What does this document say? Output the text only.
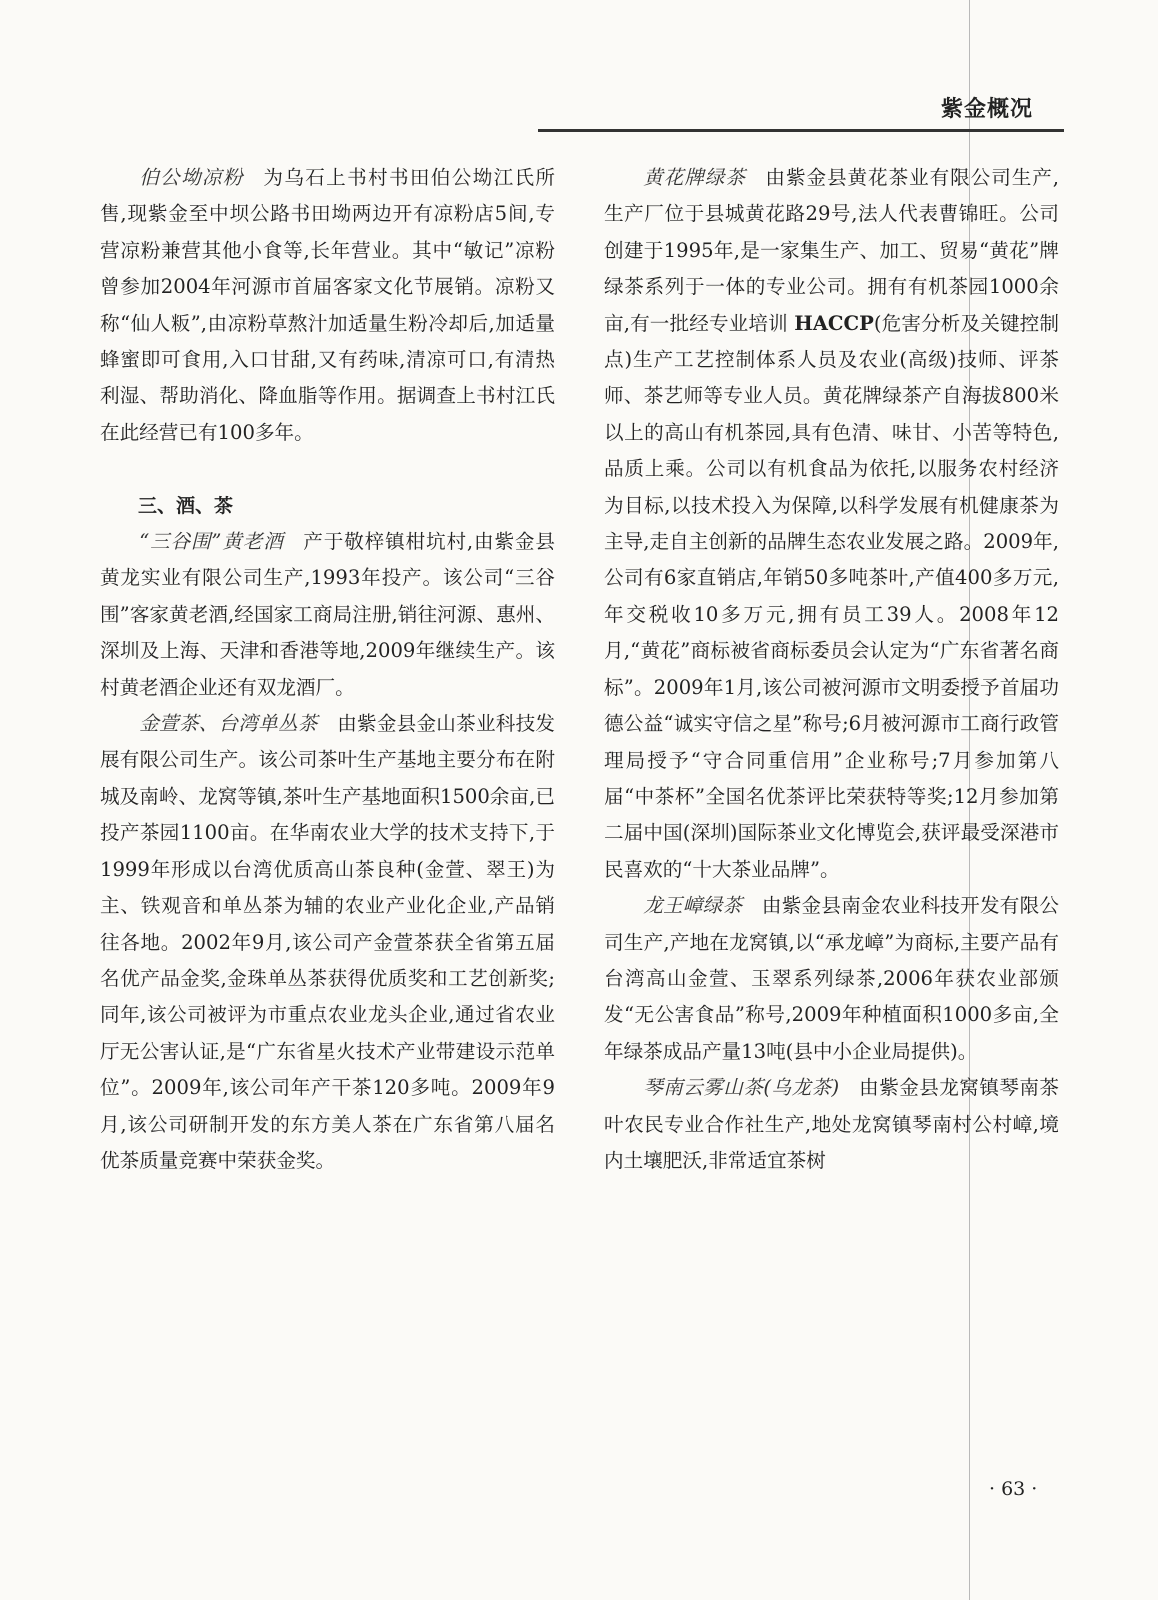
紫金概况

伯公坳凉粉 为乌石上书村书田伯公坳江氏所售,现紫金至中坝公路书田坳两边开有凉粉店5间,专营凉粉兼营其他小食等,长年营业。其中“敏记”凉粉曾参加2004年河源市首届客家文化节展销。凉粉又称“仙人粄”,由凉粉草熬汁加适量生粉冷却后,加适量蜂蜜即可食用,入口甘甜,又有药味,清凉可口,有清热利湿、帮助消化、降血脂等作用。据调查上书村江氏在此经营已有100多年。

三、酒、茶

“三谷围”黄老酒 产于敬梓镇柑坑村,由紫金县黄龙实业有限公司生产,1993年投产。该公司“三谷围”客家黄老酒,经国家工商局注册,销往河源、惠州、深圳及上海、天津和香港等地,2009年继续生产。该村黄老酒企业还有双龙酒厂。

金萱茶、台湾单丛茶 由紫金县金山茶业科技发展有限公司生产。该公司茶叶生产基地主要分布在附城及南岭、龙窝等镇,茶叶生产基地面积1500余亩,已投产茶园1100亩。在华南农业大学的技术支持下,于1999年形成以台湾优质高山茶良种(金萱、翠王)为主、铁观音和单丛茶为辅的农业产业化企业,产品销往各地。2002年9月,该公司产金萱茶获全省第五届名优产品金奖,金珠单丛茶获得优质奖和工艺创新奖;同年,该公司被评为市重点农业龙头企业,通过省农业厅无公害认证,是“广东省星火技术产业带建设示范单位”。2009年,该公司年产干茶120多吨。2009年9月,该公司研制开发的东方美人茶在广东省第八届名优茶质量竞赛中荣获金奖。

黄花牌绿茶 由紫金县黄花茶业有限公司生产,生产厂位于县城黄花路29号,法人代表曹锦旺。公司创建于1995年,是一家集生产、加工、贸易“黄花”牌绿茶系列于一体的专业公司。拥有有机茶园1000余亩,有一批经专业培训 HACCP(危害分析及关键控制点)生产工艺控制体系人员及农业(高级)技师、评茶师、茶艺师等专业人员。黄花牌绿茶产自海拔800米以上的高山有机茶园,具有色清、味甘、小苦等特色,品质上乘。公司以有机食品为依托,以服务农村经济为目标,以技术投入为保障,以科学发展有机健康茶为主导,走自主创新的品牌生态农业发展之路。2009年,公司有6家直销店,年销50多吨茶叶,产值400多万元,年交税收10多万元,拥有员工39人。2008年12月,“黄花”商标被省商标委员会认定为“广东省著名商标”。2009年1月,该公司被河源市文明委授予首届功德公益“诚实守信之星”称号;6月被河源市工商行政管理局授予“守合同重信用”企业称号;7月参加第八届“中茶杯”全国名优茶评比荣获特等奖;12月参加第二届中国(深圳)国际茶业文化博览会,获评最受深港市民喜欢的“十大茶业品牌”。

龙王嶂绿茶 由紫金县南金农业科技开发有限公司生产,产地在龙窝镇,以“承龙嶂”为商标,主要产品有台湾高山金萱、玉翠系列绿茶,2006年获农业部颁发“无公害食品”称号,2009年种植面积1000多亩,全年绿茶成品产量13吨(县中小企业局提供)。

琴南云雾山茶(乌龙茶) 由紫金县龙窝镇琴南茶叶农民专业合作社生产,地处龙窝镇琴南村公村嶂,境内土壤肥沃,非常适宜茶树

· 63 ·
